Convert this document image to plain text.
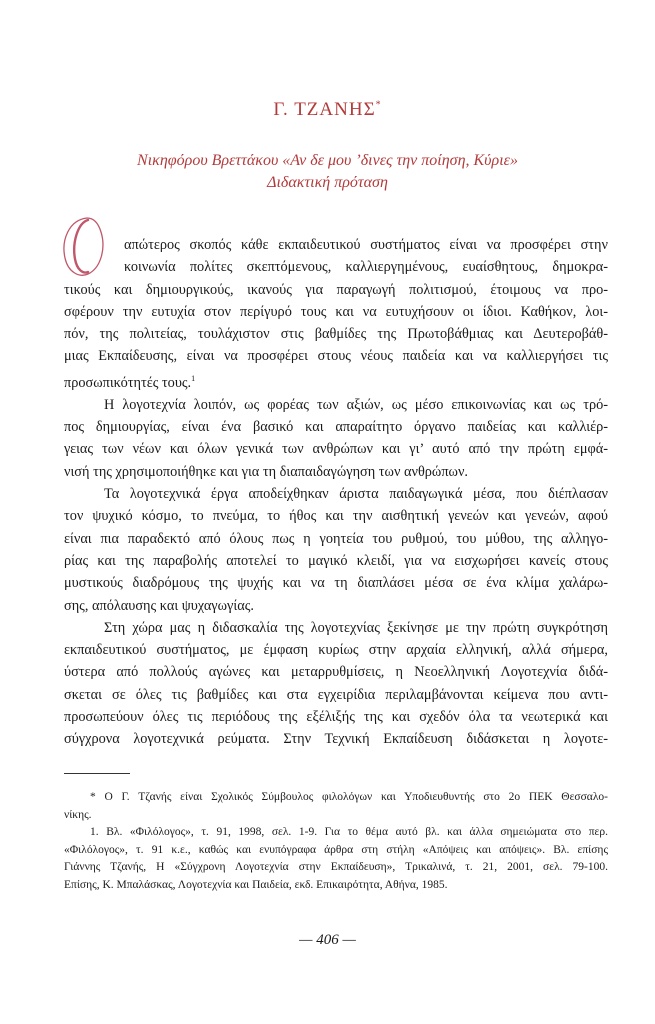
Γ. ΤΖΑΝΗΣ*
Νικηφόρου Βρεττάκου «Αν δε μου ’δινες την ποίηση, Κύριε»
Διδακτική πρόταση

απώτερος σκοπός κάθε εκπαιδευτικού συστήματος είναι να προσφέρει στην
κοινωνία πολίτες σκεπτόμενους, καλλιεργημένους, ευαίσθητους, δημοκρα-
τικούς και δημιουργικούς, ικανούς για παραγωγή πολιτισμού, έτοιμους να προ-
σφέρουν την ευτυχία στον περίγυρό τους και να ευτυχήσουν οι ίδιοι. Καθήκον, λοι-
πόν, της πολιτείας, τουλάχιστον στις βαθμίδες της Πρωτοβάθμιας και Δευτεροβάθ-
μιας Εκπαίδευσης, είναι να προσφέρει στους νέους παιδεία και να καλλιεργήσει τις
προσωπικότητές τους.$^1$

Η λογοτεχνία λοιπόν, ως φορέας των αξιών, ως μέσο επικοινωνίας και ως τρό-
πος δημιουργίας, είναι ένα βασικό και απαραίτητο όργανο παιδείας και καλλιέρ-
γειας των νέων και όλων γενικά των ανθρώπων και γι’ αυτό από την πρώτη εμφά-
νισή της χρησιμοποιήθηκε και για τη διαπαιδαγώγηση των ανθρώπων.

Τα λογοτεχνικά έργα αποδείχθηκαν άριστα παιδαγωγικά μέσα, που διέπλασαν
τον ψυχικό κόσμο, το πνεύμα, το ήθος και την αισθητική γενεών και γενεών, αφού
είναι πια παραδεκτό από όλους πως η γοητεία του ρυθμού, του μύθου, της αλληγο-
ρίας και της παραβολής αποτελεί το μαγικό κλειδί, για να εισχωρήσει κανείς στους
μυστικούς διαδρόμους της ψυχής και να τη διαπλάσει μέσα σε ένα κλίμα χαλάρω-
σης, απόλαυσης και ψυχαγωγίας.

Στη χώρα μας η διδασκαλία της λογοτεχνίας ξεκίνησε με την πρώτη συγκρότηση
εκπαιδευτικού συστήματος, με έμφαση κυρίως στην αρχαία ελληνική, αλλά σήμερα,
ύστερα από πολλούς αγώνες και μεταρρυθμίσεις, η Νεοελληνική Λογοτεχνία διδά-
σκεται σε όλες τις βαθμίδες και στα εγχειρίδια περιλαμβάνονται κείμενα που αντι-
προσωπεύουν όλες τις περιόδους της εξέλιξής της και σχεδόν όλα τα νεωτερικά και
σύγχρονα λογοτεχνικά ρεύματα. Στην Τεχνική Εκπαίδευση διδάσκεται η λογοτε-

* Ο Γ. Τζανής είναι Σχολικός Σύμβουλος φιλολόγων και Υποδιευθυντής στο 2ο ΠΕΚ Θεσσαλο-
νίκης.
1. Βλ. «Φιλόλογος», τ. 91, 1998, σελ. 1-9. Για το θέμα αυτό βλ. και άλλα σημειώματα στο περ.
«Φιλόλογος», τ. 91 κ.ε., καθώς και ενυπόγραφα άρθρα στη στήλη «Απόψεις και απόψεις». Βλ. επίσης
Γιάννης Τζανής, Η «Σύγχρονη Λογοτεχνία στην Εκπαίδευση», Τρικαλινά, τ. 21, 2001, σελ. 79-100.
Επίσης, Κ. Μπαλάσκας, Λογοτεχνία και Παιδεία, εκδ. Επικαιρότητα, Αθήνα, 1985.
— 406 —
